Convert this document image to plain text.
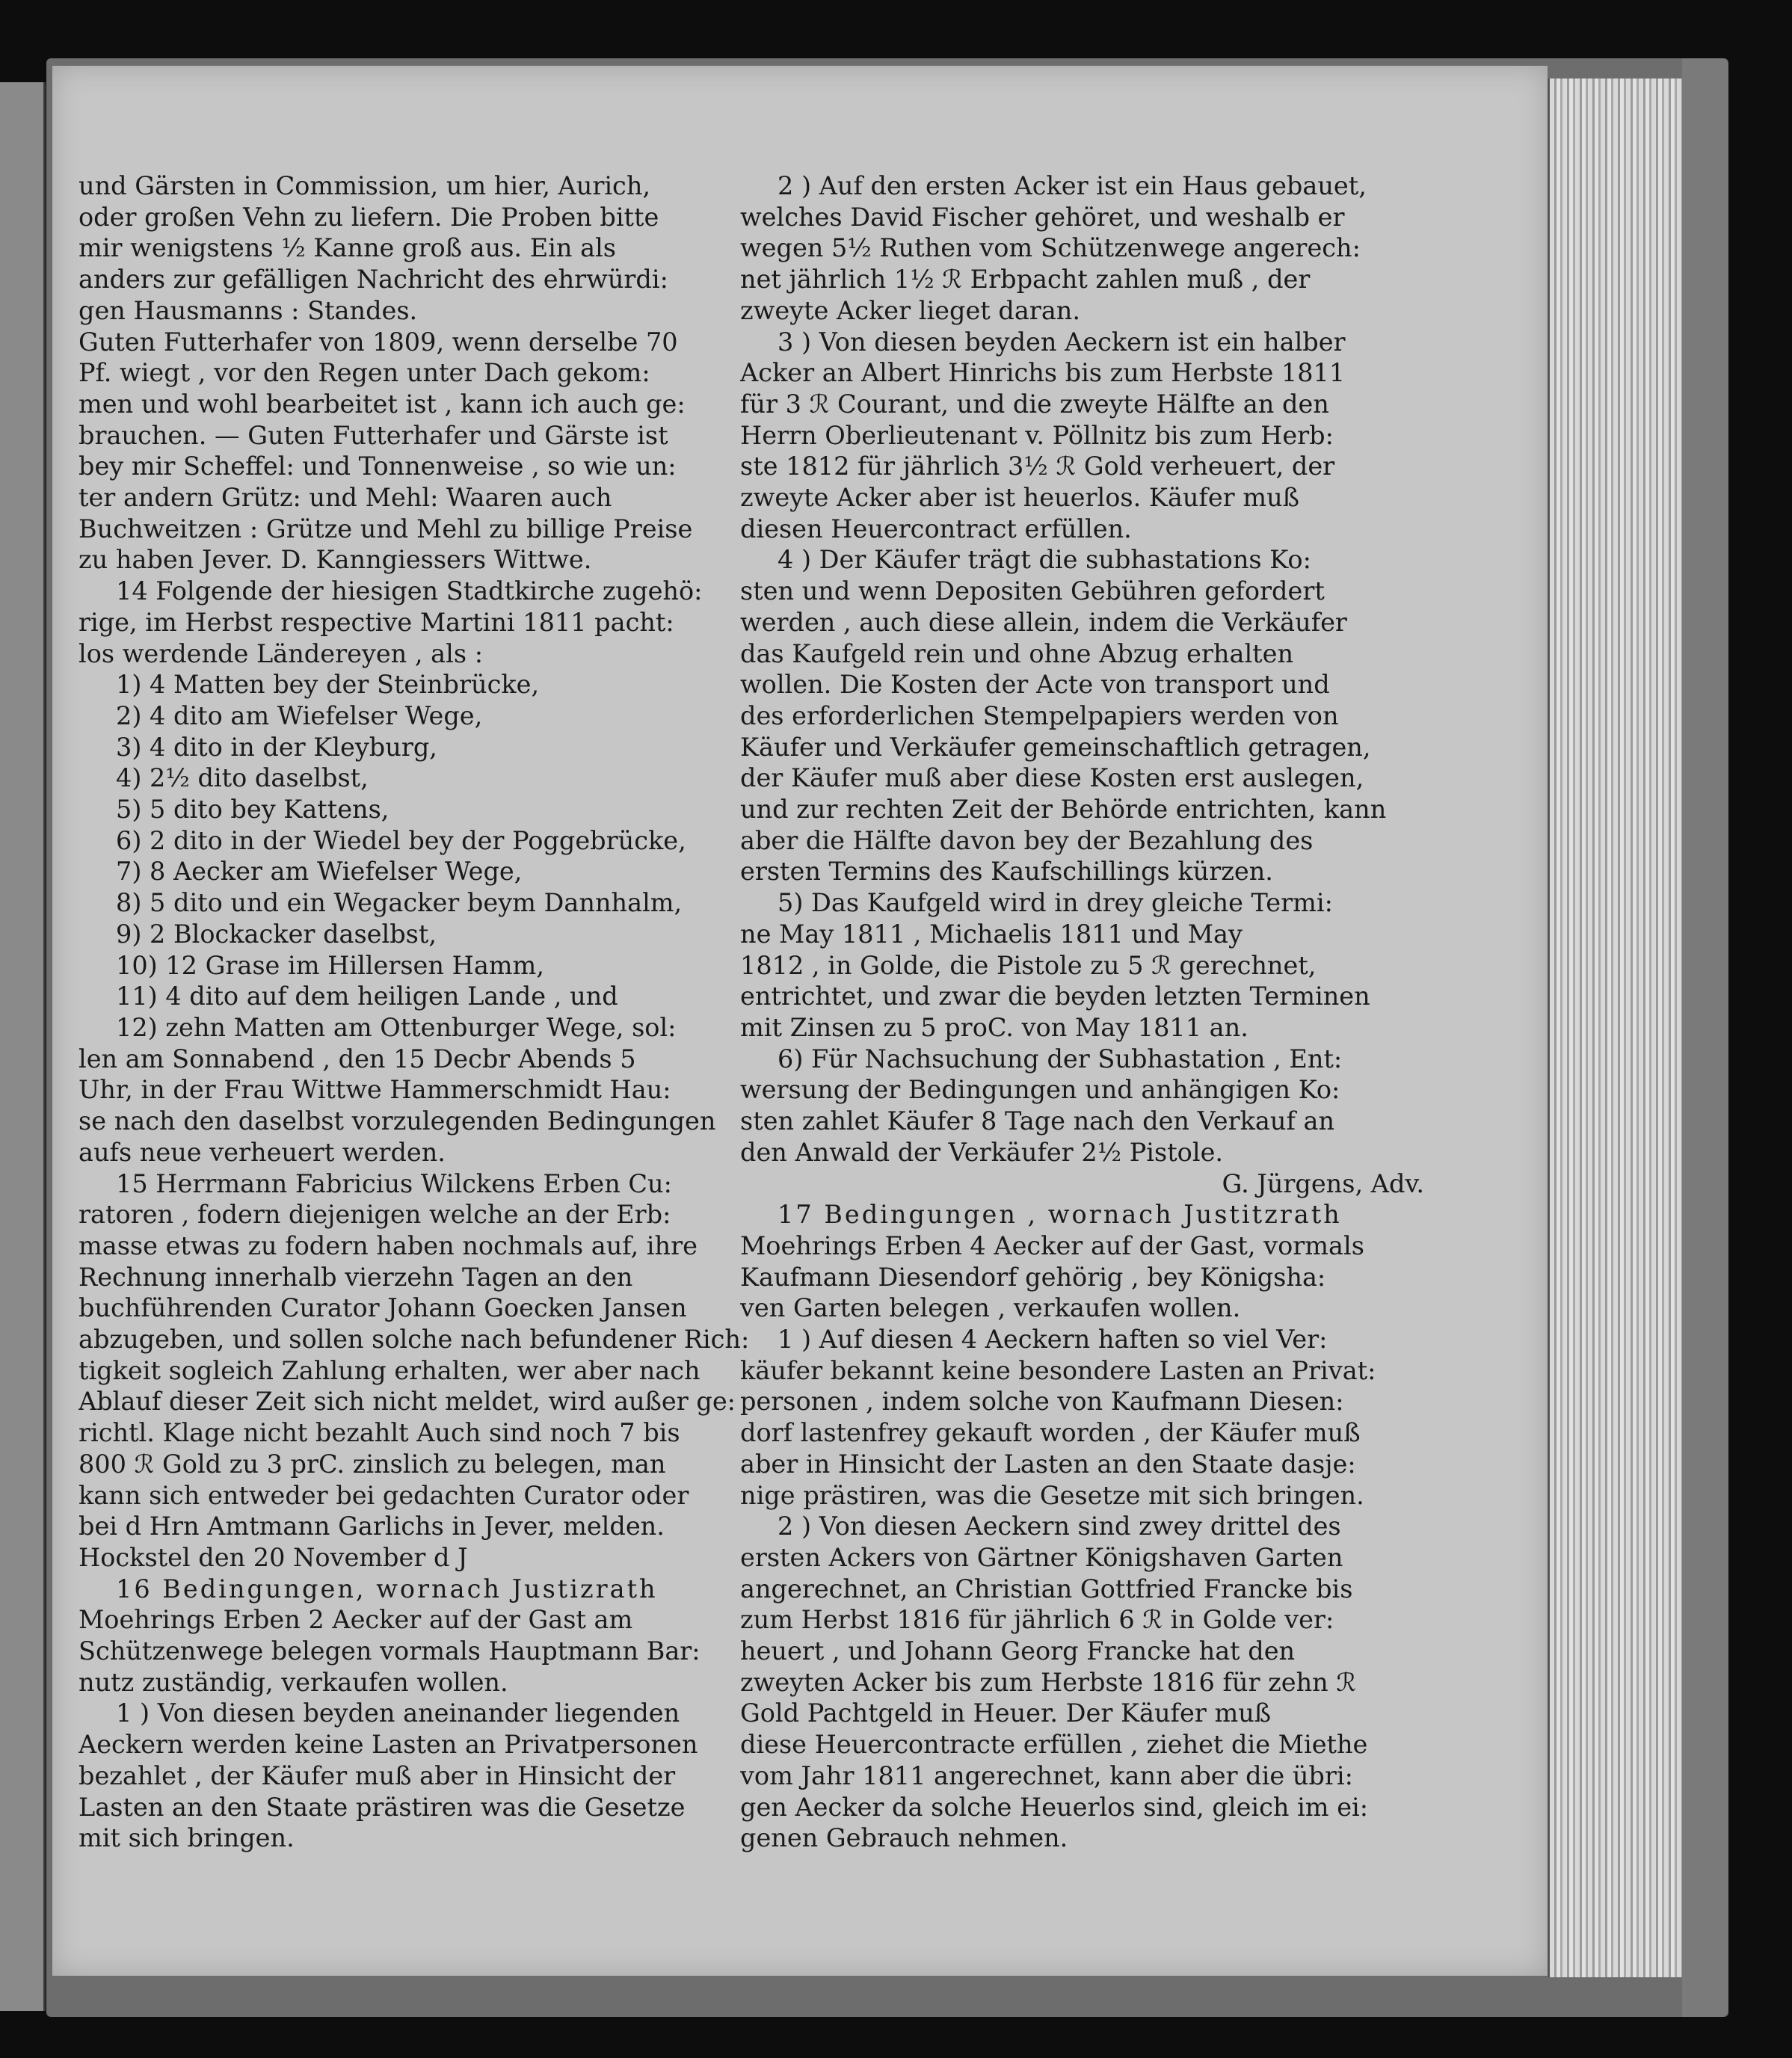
und Gärsten in Commission, um hier, Aurich,

oder großen Vehn zu liefern. Die Proben bitte

mir wenigstens ½ Kanne groß aus. Ein als

anders zur gefälligen Nachricht des ehrwürdi:

gen Hausmanns : Standes.

Guten Futterhafer von 1809, wenn derselbe 70

Pf. wiegt , vor den Regen unter Dach gekom:

men und wohl bearbeitet ist , kann ich auch ge:

brauchen. — Guten Futterhafer und Gärste ist

bey mir Scheffel: und Tonnenweise , so wie un:

ter andern Grütz: und Mehl: Waaren auch

Buchweitzen : Grütze und Mehl zu billige Preise

zu haben Jever. D. Kanngiessers Wittwe.

14 Folgende der hiesigen Stadtkirche zugehö:

rige, im Herbst respective Martini 1811 pacht:

los werdende Ländereyen , als :

1) 4 Matten bey der Steinbrücke,

2) 4 dito am Wiefelser Wege,

3) 4 dito in der Kleyburg,

4) 2½ dito daselbst,

5) 5 dito bey Kattens,

6) 2 dito in der Wiedel bey der Poggebrücke,

7) 8 Aecker am Wiefelser Wege,

8) 5 dito und ein Wegacker beym Dannhalm,

9) 2 Blockacker daselbst,

10) 12 Grase im Hillersen Hamm,

11) 4 dito auf dem heiligen Lande , und

12) zehn Matten am Ottenburger Wege, sol:

len am Sonnabend , den 15 Decbr Abends 5

Uhr, in der Frau Wittwe Hammerschmidt Hau:

se nach den daselbst vorzulegenden Bedingungen

aufs neue verheuert werden.

15 Herrmann Fabricius Wilckens Erben Cu:

ratoren , fodern diejenigen welche an der Erb:

masse etwas zu fodern haben nochmals auf, ihre

Rechnung innerhalb vierzehn Tagen an den

buchführenden Curator Johann Goecken Jansen

abzugeben, und sollen solche nach befundener Rich:

tigkeit sogleich Zahlung erhalten, wer aber nach

Ablauf dieser Zeit sich nicht meldet, wird außer ge:

richtl. Klage nicht bezahlt Auch sind noch 7 bis

800 ℛ Gold zu 3 prC. zinslich zu belegen, man

kann sich entweder bei gedachten Curator oder

bei d Hrn Amtmann Garlichs in Jever, melden.

Hockstel den 20 November d J

16 Bedingungen, wornach Justizrath

Moehrings Erben 2 Aecker auf der Gast am

Schützenwege belegen vormals Hauptmann Bar:

nutz zuständig, verkaufen wollen.

1 ) Von diesen beyden aneinander liegenden

Aeckern werden keine Lasten an Privatpersonen

bezahlet , der Käufer muß aber in Hinsicht der

Lasten an den Staate prästiren was die Gesetze

mit sich bringen.

2 ) Auf den ersten Acker ist ein Haus gebauet,

welches David Fischer gehöret, und weshalb er

wegen 5½ Ruthen vom Schützenwege angerech:

net jährlich 1½ ℛ Erbpacht zahlen muß , der

zweyte Acker lieget daran.

3 ) Von diesen beyden Aeckern ist ein halber

Acker an Albert Hinrichs bis zum Herbste 1811

für 3 ℛ Courant, und die zweyte Hälfte an den

Herrn Oberlieutenant v. Pöllnitz bis zum Herb:

ste 1812 für jährlich 3½ ℛ Gold verheuert, der

zweyte Acker aber ist heuerlos. Käufer muß

diesen Heuercontract erfüllen.

4 ) Der Käufer trägt die subhastations Ko:

sten und wenn Depositen Gebühren gefordert

werden , auch diese allein, indem die Verkäufer

das Kaufgeld rein und ohne Abzug erhalten

wollen. Die Kosten der Acte von transport und

des erforderlichen Stempelpapiers werden von

Käufer und Verkäufer gemeinschaftlich getragen,

der Käufer muß aber diese Kosten erst auslegen,

und zur rechten Zeit der Behörde entrichten, kann

aber die Hälfte davon bey der Bezahlung des

ersten Termins des Kaufschillings kürzen.

5) Das Kaufgeld wird in drey gleiche Termi:

ne May 1811 , Michaelis 1811 und May

1812 , in Golde, die Pistole zu 5 ℛ gerechnet,

entrichtet, und zwar die beyden letzten Terminen

mit Zinsen zu 5 proC. von May 1811 an.

6) Für Nachsuchung der Subhastation , Ent:

wersung der Bedingungen und anhängigen Ko:

sten zahlet Käufer 8 Tage nach den Verkauf an

den Anwald der Verkäufer 2½ Pistole.

G. Jürgens, Adv.

17 Bedingungen , wornach Justitzrath

Moehrings Erben 4 Aecker auf der Gast, vormals

Kaufmann Diesendorf gehörig , bey Königsha:

ven Garten belegen , verkaufen wollen.

1 ) Auf diesen 4 Aeckern haften so viel Ver:

käufer bekannt keine besondere Lasten an Privat:

personen , indem solche von Kaufmann Diesen:

dorf lastenfrey gekauft worden , der Käufer muß

aber in Hinsicht der Lasten an den Staate dasje:

nige prästiren, was die Gesetze mit sich bringen.

2 ) Von diesen Aeckern sind zwey drittel des

ersten Ackers von Gärtner Königshaven Garten

angerechnet, an Christian Gottfried Francke bis

zum Herbst 1816 für jährlich 6 ℛ in Golde ver:

heuert , und Johann Georg Francke hat den

zweyten Acker bis zum Herbste 1816 für zehn ℛ

Gold Pachtgeld in Heuer. Der Käufer muß

diese Heuercontracte erfüllen , ziehet die Miethe

vom Jahr 1811 angerechnet, kann aber die übri:

gen Aecker da solche Heuerlos sind, gleich im ei:

genen Gebrauch nehmen.
